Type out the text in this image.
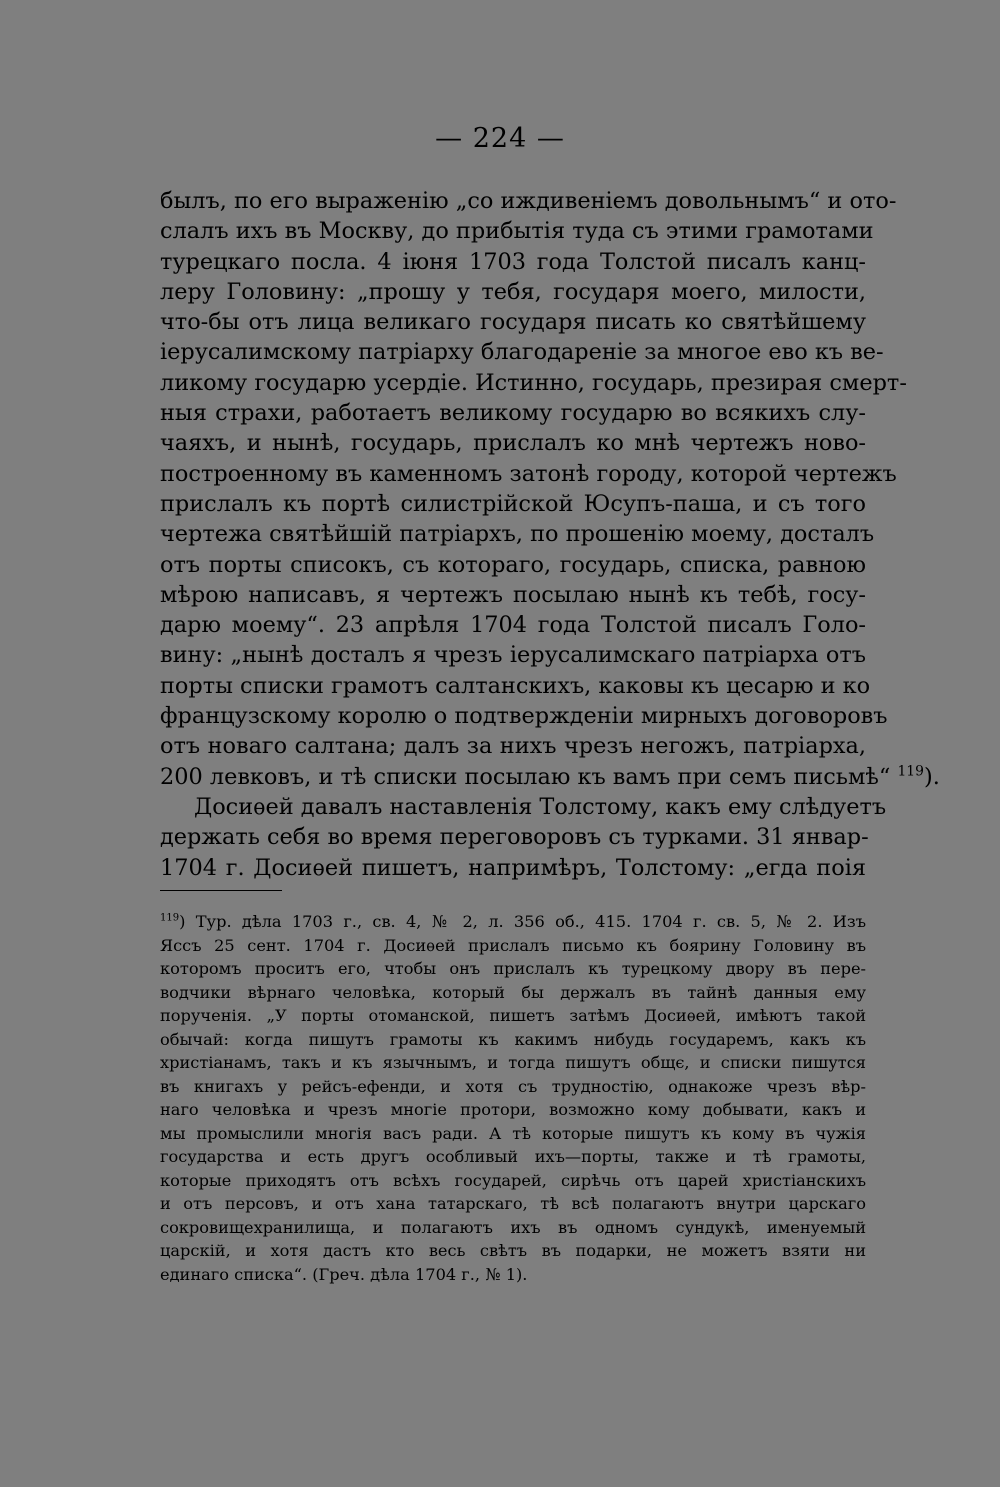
— 224 —
былъ, по его выраженію „со иждивеніемъ довольнымъ“ и ото-
слалъ ихъ въ Москву, до прибытія туда съ этими грамотами
турецкаго посла. 4 іюня 1703 года Толстой писалъ канц-
леру Головину: „прошу у тебя, государя моего, милости,
что-бы отъ лица великаго государя писать ко святѣйшему
іерусалимскому патріарху благодареніе за многое ево къ ве-
ликому государю усердіе. Истинно, государь, презирая смерт-
ныя страхи, работаетъ великому государю во всякихъ слу-
чаяхъ, и нынѣ, государь, прислалъ ко мнѣ чертежъ ново-
построенному въ каменномъ затонѣ городу, которой чертежъ
прислалъ къ портѣ силистрійской Юсупъ-паша, и съ того
чертежа святѣйшій патріархъ, по прошенію моему, досталъ
отъ порты списокъ, съ котораго, государь, списка, равною
мѣрою написавъ, я чертежъ посылаю нынѣ къ тебѣ, госу-
дарю моему“. 23 апрѣля 1704 года Толстой писалъ Голо-
вину: „нынѣ досталъ я чрезъ іерусалимскаго патріарха отъ
порты списки грамотъ салтанскихъ, каковы къ цесарю и ко
французскому королю о подтвержденіи мирныхъ договоровъ
отъ новаго салтана; далъ за нихъ чрезъ негожъ, патріарха,
200 левковъ, и тѣ списки посылаю къ вамъ при семъ письмѣ“ $^{119}$).
Досиѳей давалъ наставленія Толстому, какъ ему слѣдуетъ
держать себя во время переговоровъ съ турками. 31 январ-
1704 г. Досиѳей пишетъ, напримѣръ, Толстому: „егда поія
$^{119}$) Тур. дѣла 1703 г., св. 4, № 2, л. 356 об., 415. 1704 г. св. 5, № 2. Изъ
Яссъ 25 сент. 1704 г. Досиѳей прислалъ письмо къ боярину Головину въ
которомъ проситъ его, чтобы онъ прислалъ къ турецкому двору въ пере-
водчики вѣрнаго человѣка, который бы держалъ въ тайнѣ данныя ему
порученія. „У порты отоманской, пишетъ затѣмъ Досиѳей, имѣютъ такой
обычай: когда пишутъ грамоты къ какимъ нибудь государемъ, какъ къ
христіанамъ, такъ и къ язычнымъ, и тогда пишутъ общє, и списки пишутся
въ книгахъ у рейсъ-ефенди, и хотя съ трудностію, однакоже чрезъ вѣр-
наго человѣка и чрезъ многіе протори, возможно кому добывати, какъ и
мы промыслили многія васъ ради. А тѣ которые пишутъ къ кому въ чужія
государства и есть другъ особливый ихъ—порты, также и тѣ грамоты,
которые приходятъ отъ всѣхъ государей, сирѣчь отъ царей христіанскихъ
и отъ персовъ, и отъ хана татарскаго, тѣ всѣ полагаютъ внутри царскаго
сокровищехранилища, и полагаютъ ихъ въ одномъ сундукѣ, именуемый
царскій, и хотя дастъ кто весь свѣтъ въ подарки, не можетъ взяти ни
единаго списка“. (Греч. дѣла 1704 г., № 1).
